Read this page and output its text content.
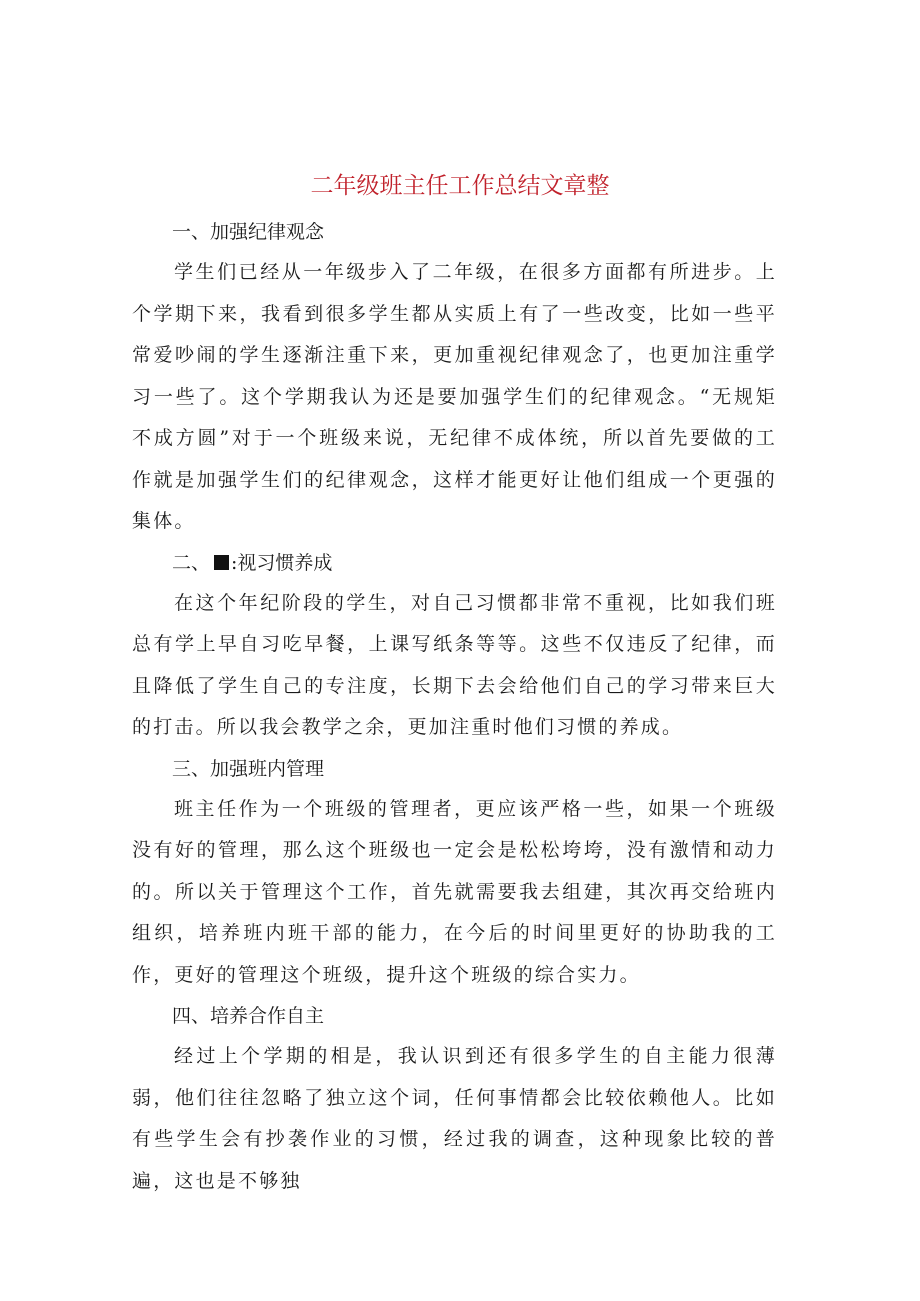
二年级班主任工作总结文章整

一、加强纪律观念

学生们已经从一年级步入了二年级，在很多方面都有所进步。上个学期下来，我看到很多学生都从实质上有了一些改变，比如一些平常爱吵闹的学生逐渐注重下来，更加重视纪律观念了，也更加注重学习一些了。这个学期我认为还是要加强学生们的纪律观念。“无规矩不成方圆”对于一个班级来说，无纪律不成体统，所以首先要做的工作就是加强学生们的纪律观念，这样才能更好让他们组成一个更强的集体。

二、 :视习惯养成

在这个年纪阶段的学生，对自己习惯都非常不重视，比如我们班总有学上早自习吃早餐，上课写纸条等等。这些不仅违反了纪律，而且降低了学生自己的专注度，长期下去会给他们自己的学习带来巨大的打击。所以我会教学之余，更加注重时他们习惯的养成。

三、加强班内管理

班主任作为一个班级的管理者，更应该严格一些，如果一个班级没有好的管理，那么这个班级也一定会是松松垮垮，没有激情和动力的。所以关于管理这个工作，首先就需要我去组建，其次再交给班内组织，培养班内班干部的能力，在今后的时间里更好的协助我的工作，更好的管理这个班级，提升这个班级的综合实力。

四、培养合作自主

经过上个学期的相是，我认识到还有很多学生的自主能力很薄弱，他们往往忽略了独立这个词，任何事情都会比较依赖他人。比如有些学生会有抄袭作业的习惯，经过我的调查，这种现象比较的普遍，这也是不够独
